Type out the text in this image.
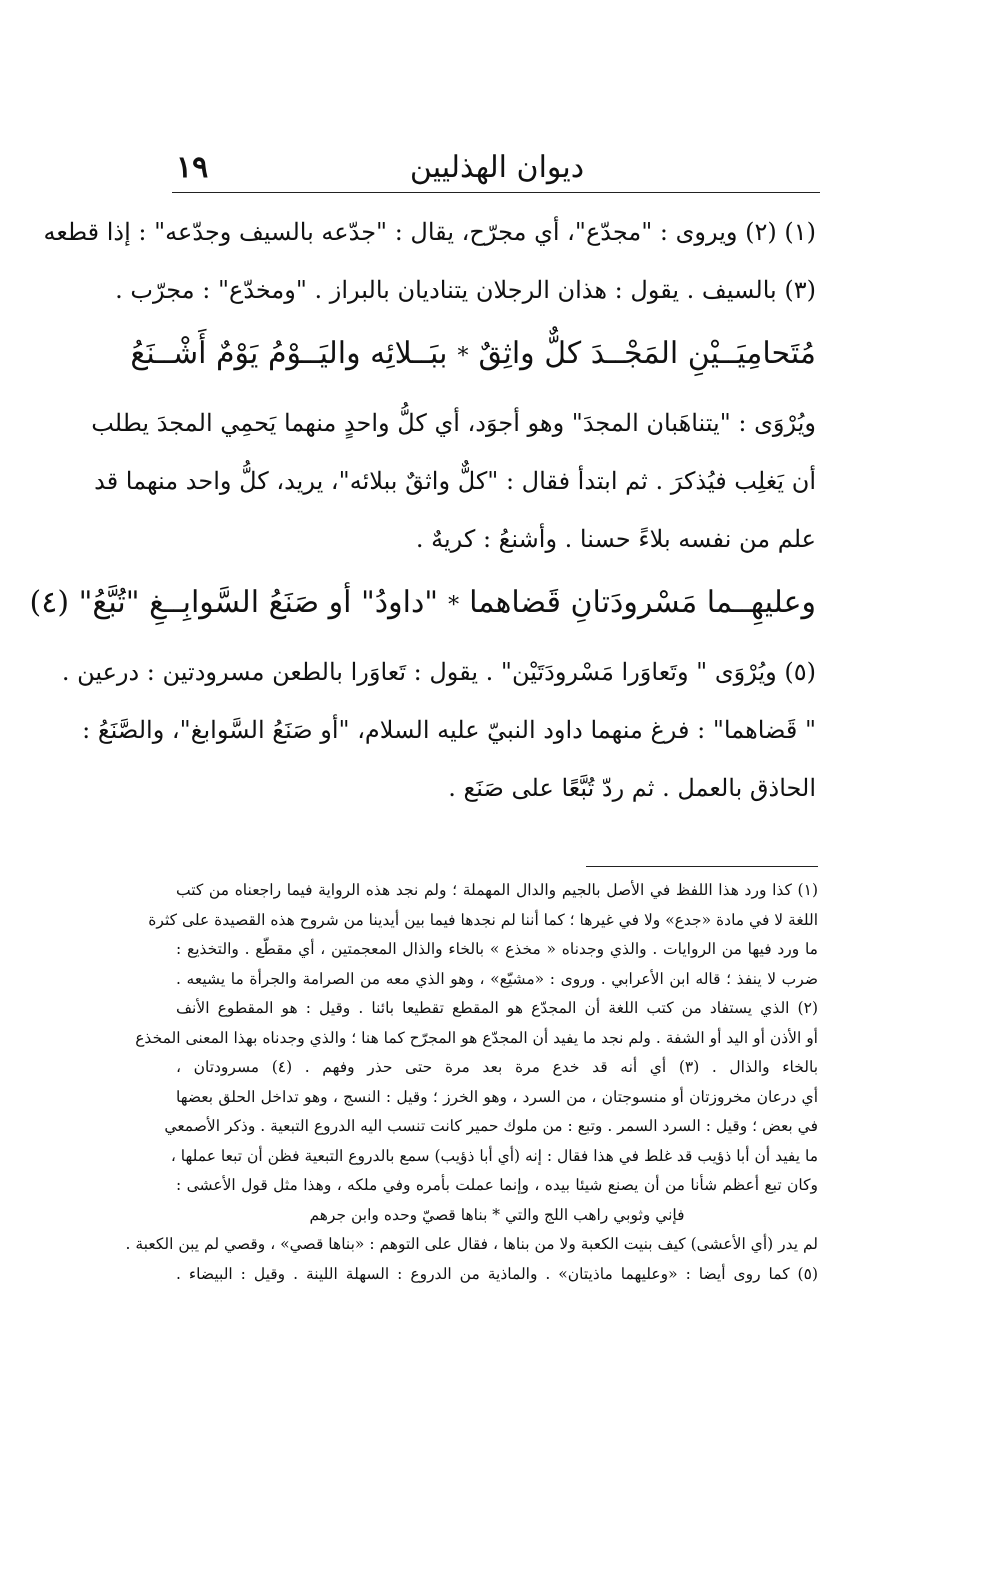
١٩	ديوان الهذليين
(١) (٢) ويروى : "مجدّع"، أي مجرّح، يقال : "جدّعه بالسيف وجدّعه" : إذا قطعه
(٣) بالسيف . يقول : هذان الرجلان يتناديان بالبراز . "ومخدّع" : مجرّب .
مُتَحامِيَــيْنِ المَجْــدَ كلٌّ واثِقٌ
*
ببَــلائِه واليَــوْمُ يَوْمٌ أَشْــنَعُ
ويُرْوَى : "يتناهَبان المجدَ" وهو أجوَد، أي كلُّ واحدٍ منهما يَحمِي المجدَ يطلب
أن يَغلِب فيُذكرَ . ثم ابتدأ فقال : "كلٌّ واثقٌ ببلائه"، يريد، كلُّ واحد منهما قد
علم من نفسه بلاءً حسنا . وأشنعُ : كريهٌ .
وعليهِــما مَسْرودَتانِ قَضاهما
*
"داودُ" أو صَنَعُ السَّوابِــغِ "تُبَّعُ" (٤)
(٥) ويُرْوَى " وتَعاوَرا مَسْرودَتَيْن" . يقول : تَعاوَرا بالطعن مسرودتين : درعين .
" قَضاهما" : فرغ منهما داود النبيّ عليه السلام، "أو صَنَعُ السَّوابغ"، والصَّنَعُ :
الحاذق بالعمل . ثم ردّ تُبَّعًا على صَنَع .
(١) كذا ورد هذا اللفظ في الأصل بالجيم والدال المهملة ؛ ولم نجد هذه الرواية فيما راجعناه من كتب
اللغة لا في مادة «جدع» ولا في غيرها ؛ كما أننا لم نجدها فيما بين أيدينا من شروح هذه القصيدة على كثرة
ما ورد فيها من الروايات . والذي وجدناه « مخذع » بالخاء والذال المعجمتين ، أي مقطّع . والتخذيع :
ضرب لا ينفذ ؛ قاله ابن الأعرابي . وروى : «مشيّع» ، وهو الذي معه من الصرامة والجرأة ما يشيعه .
(٢) الذي يستفاد من كتب اللغة أن المجدّع هو المقطع تقطيعا بائنا . وقيل : هو المقطوع الأنف
أو الأذن أو اليد أو الشفة . ولم نجد ما يفيد أن المجدّع هو المجرّح كما هنا ؛ والذي وجدناه بهذا المعنى المخذع
بالخاء والذال . (٣) أي أنه قد خدع مرة بعد مرة حتى حذر وفهم . (٤) مسرودتان ،
أي درعان مخروزتان أو منسوجتان ، من السرد ، وهو الخرز ؛ وقيل : النسج ، وهو تداخل الحلق بعضها
في بعض ؛ وقيل : السرد السمر . وتبع : من ملوك حمير كانت تنسب اليه الدروع التبعية . وذكر الأصمعي
ما يفيد أن أبا ذؤيب قد غلط في هذا فقال : إنه (أي أبا ذؤيب) سمع بالدروع التبعية فظن أن تبعا عملها ،
وكان تبع أعظم شأنا من أن يصنع شيئا بيده ، وإنما عملت بأمره وفي ملكه ، وهذا مثل قول الأعشى :
فإني وثوبي راهب اللج والتي * بناها قصيّ وحده وابن جرهم
لم يدر (أي الأعشى) كيف بنيت الكعبة ولا من بناها ، فقال على التوهم : «بناها قصي» ، وقصي لم يبن الكعبة .
(٥) كما روى أيضا : «وعليهما ماذيتان» . والماذية من الدروع : السهلة اللينة . وقيل : البيضاء .
